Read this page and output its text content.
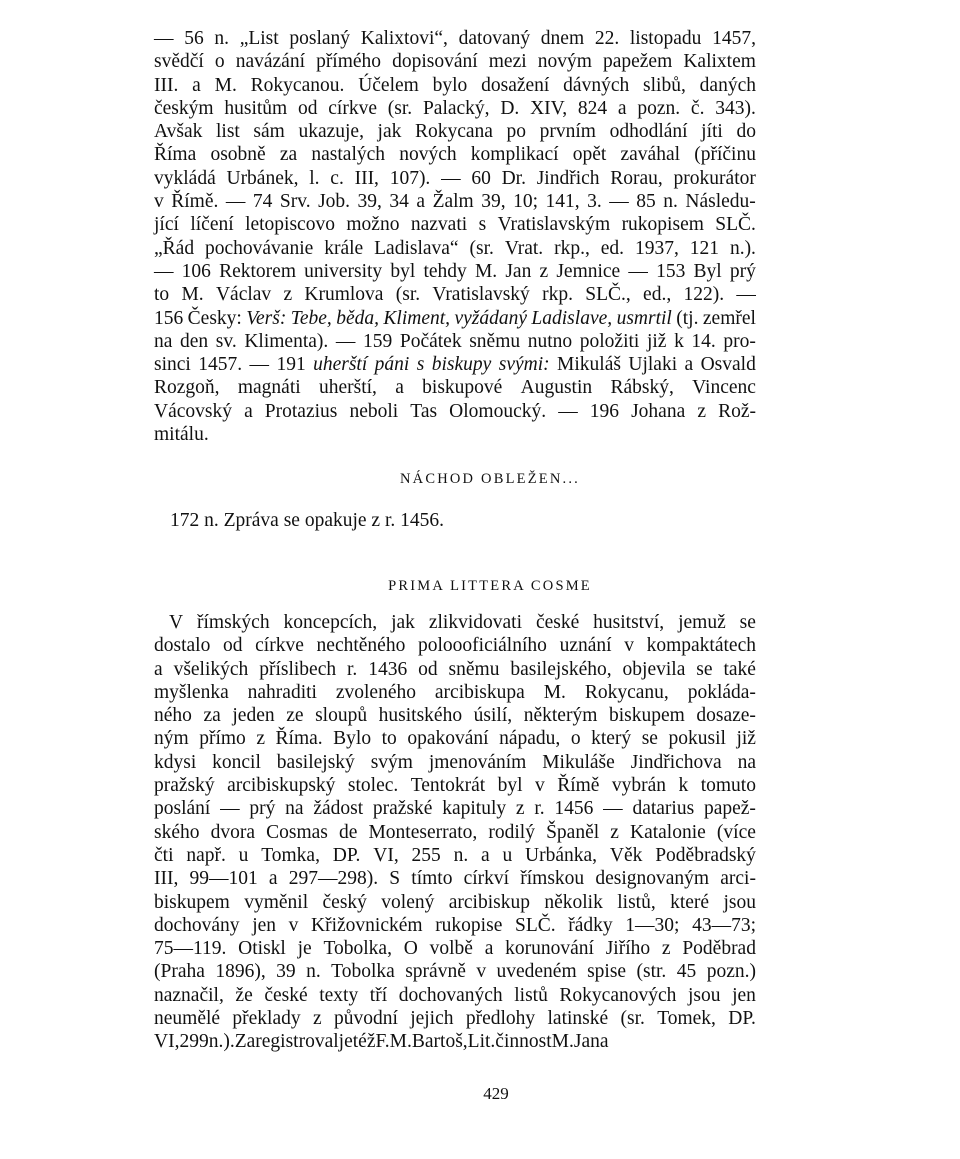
— 56 n. „List poslaný Kalixtovi“, datovaný dnem 22. listopadu 1457,
svědčí o navázání přímého dopisování mezi novým papežem Kalixtem
III. a M. Rokycanou. Účelem bylo dosažení dávných slibů, daných
českým husitům od církve (sr. Palacký, D. XIV, 824 a pozn. č. 343).
Avšak list sám ukazuje, jak Rokycana po prvním odhodlání jíti do
Říma osobně za nastalých nových komplikací opět zaváhal (příčinu
vykládá Urbánek, l. c. III, 107). — 60 Dr. Jindřich Rorau, prokurátor
v Římě. — 74 Srv. Job. 39, 34 a Žalm 39, 10; 141, 3. — 85 n. Následu-
jící líčení letopiscovo možno nazvati s Vratislavským rukopisem SLČ.
„Řád pochovávanie krále Ladislava“ (sr. Vrat. rkp., ed. 1937, 121 n.).
— 106 Rektorem university byl tehdy M. Jan z Jemnice — 153 Byl prý
to M. Václav z Krumlova (sr. Vratislavský rkp. SLČ., ed., 122). —
156 Česky: Verš: Tebe, běda, Kliment, vyžádaný Ladislave, usmrtil (tj. zemřel
na den sv. Klimenta). — 159 Počátek sněmu nutno položiti již k 14. pro-
sinci 1457. — 191 uherští páni s biskupy svými: Mikuláš Ujlaki a Osvald
Rozgoň, magnáti uherští, a biskupové Augustin Rábský, Vincenc
Vácovský a Protazius neboli Tas Olomoucký. — 196 Johana z Rož-
mitálu.
NÁCHOD OBLEŽEN...
172 n. Zpráva se opakuje z r. 1456.
PRIMA LITTERA COSME
V římských koncepcích, jak zlikvidovati české husitství, jemuž se
dostalo od církve nechtěného poloooficiálního uznání v kompaktátech
a všelikých příslibech r. 1436 od sněmu basilejského, objevila se také
myšlenka nahraditi zvoleného arcibiskupa M. Rokycanu, pokláda-
ného za jeden ze sloupů husitského úsilí, některým biskupem dosaze-
ným přímo z Říma. Bylo to opakování nápadu, o který se pokusil již
kdysi koncil basilejský svým jmenováním Mikuláše Jindřichova na
pražský arcibiskupský stolec. Tentokrát byl v Římě vybrán k tomuto
poslání — prý na žádost pražské kapituly z r. 1456 — datarius papež-
ského dvora Cosmas de Monteserrato, rodilý Španěl z Katalonie (více
čti např. u Tomka, DP. VI, 255 n. a u Urbánka, Věk Poděbradský
III, 99—101 a 297—298). S tímto církví římskou designovaným arci-
biskupem vyměnil český volený arcibiskup několik listů, které jsou
dochovány jen v Křižovnickém rukopise SLČ. řádky 1—30; 43—73;
75—119. Otiskl je Tobolka, O volbě a korunování Jiřího z Poděbrad
(Praha 1896), 39 n. Tobolka správně v uvedeném spise (str. 45 pozn.)
naznačil, že české texty tří dochovaných listů Rokycanových jsou jen
neumělé překlady z původní jejich předlohy latinské (sr. Tomek, DP.
VI, 299 n.). Zaregistroval je též F. M. Bartoš, Lit. činnost M. Jana
429
